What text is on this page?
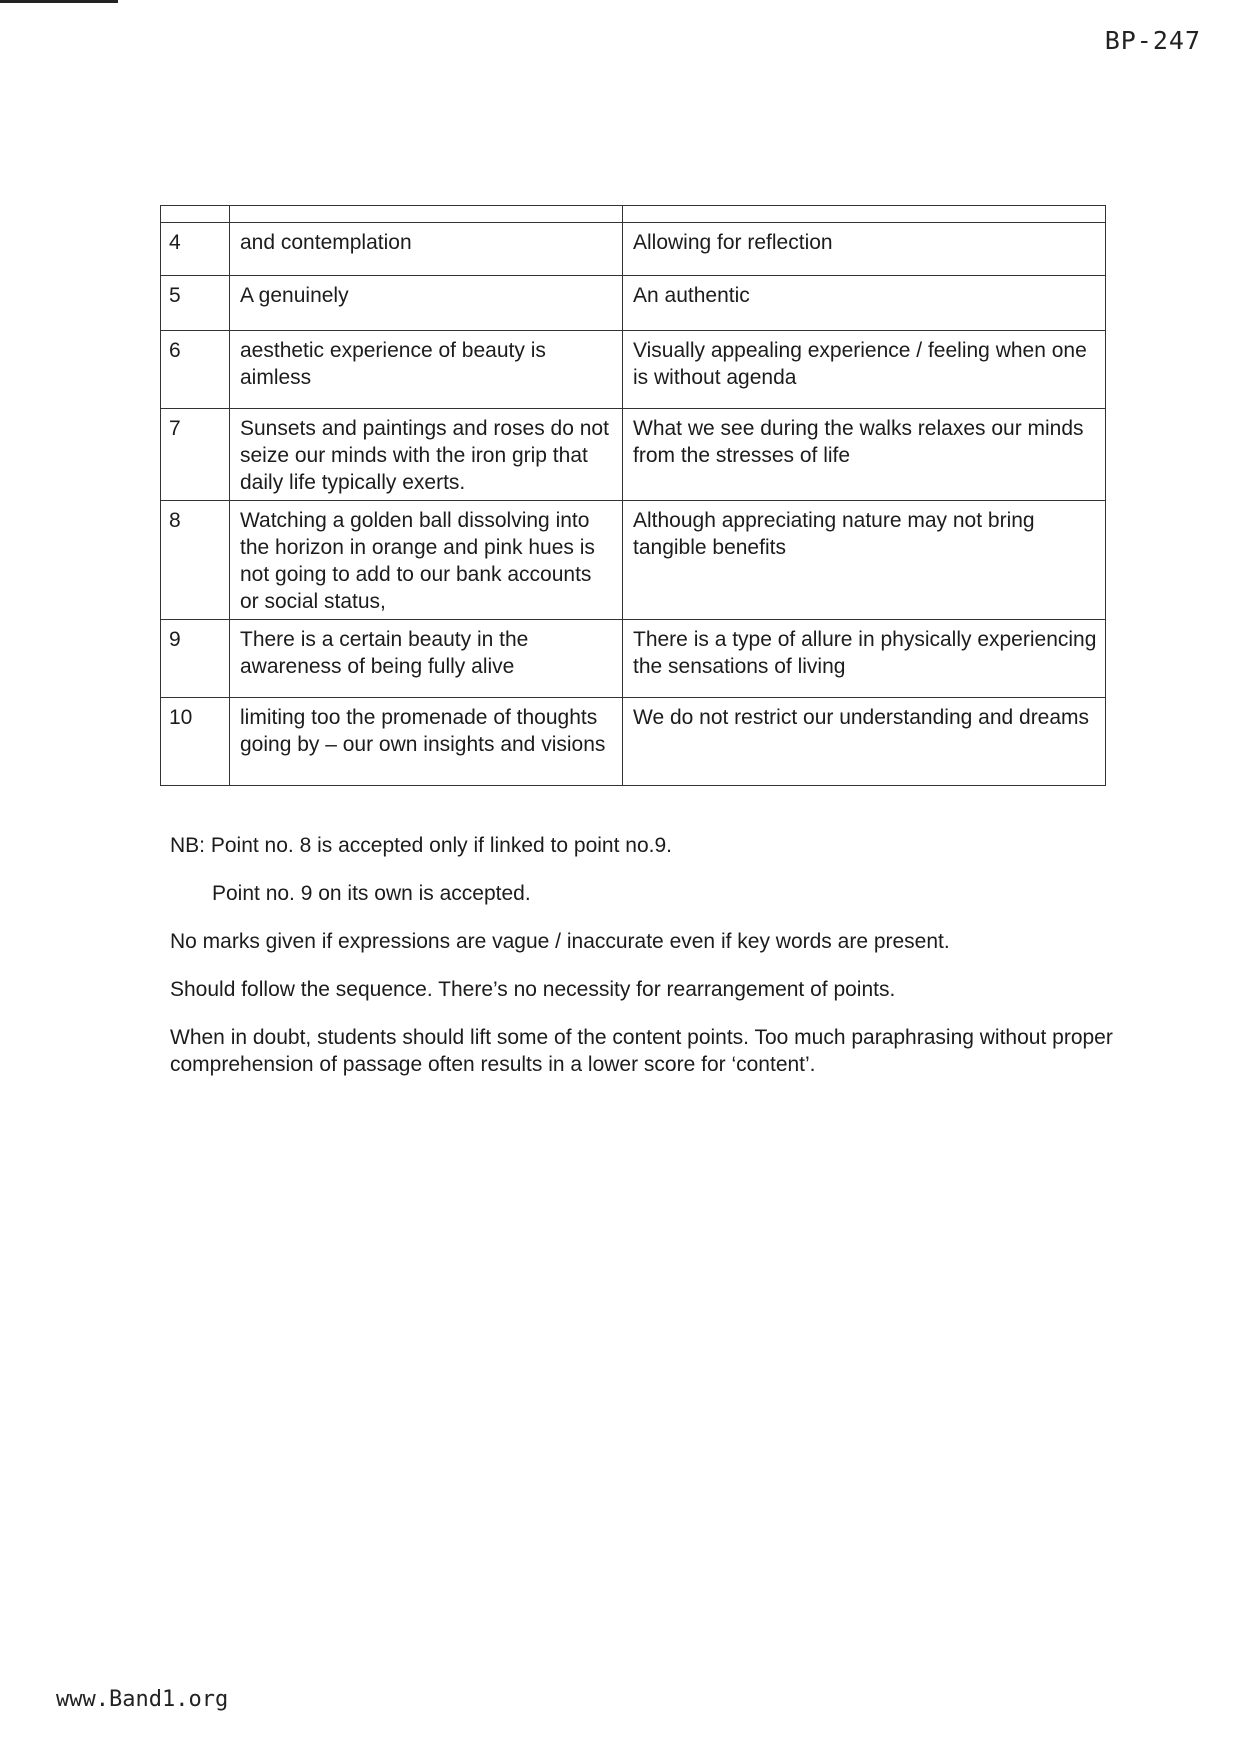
BP-247

4	and contemplation	Allowing for reflection
5	A genuinely	An authentic
6	aesthetic experience of beauty is aimless	Visually appealing experience / feeling when one is without agenda
7	Sunsets and paintings and roses do not seize our minds with the iron grip that daily life typically exerts.	What we see during the walks relaxes our minds from the stresses of life
8	Watching a golden ball dissolving into the horizon in orange and pink hues is not going to add to our bank accounts or social status,	Although appreciating nature may not bring tangible benefits
9	There is a certain beauty in the awareness of being fully alive	There is a type of allure in physically experiencing the sensations of living
10	limiting too the promenade of thoughts going by – our own insights and visions	We do not restrict our understanding and dreams

NB: Point no. 8 is accepted only if linked to point no.9.

Point no. 9 on its own is accepted.

No marks given if expressions are vague / inaccurate even if key words are present.

Should follow the sequence. There’s no necessity for rearrangement of points.

When in doubt, students should lift some of the content points. Too much paraphrasing without proper comprehension of passage often results in a lower score for ‘content’.

www.Band1.org
